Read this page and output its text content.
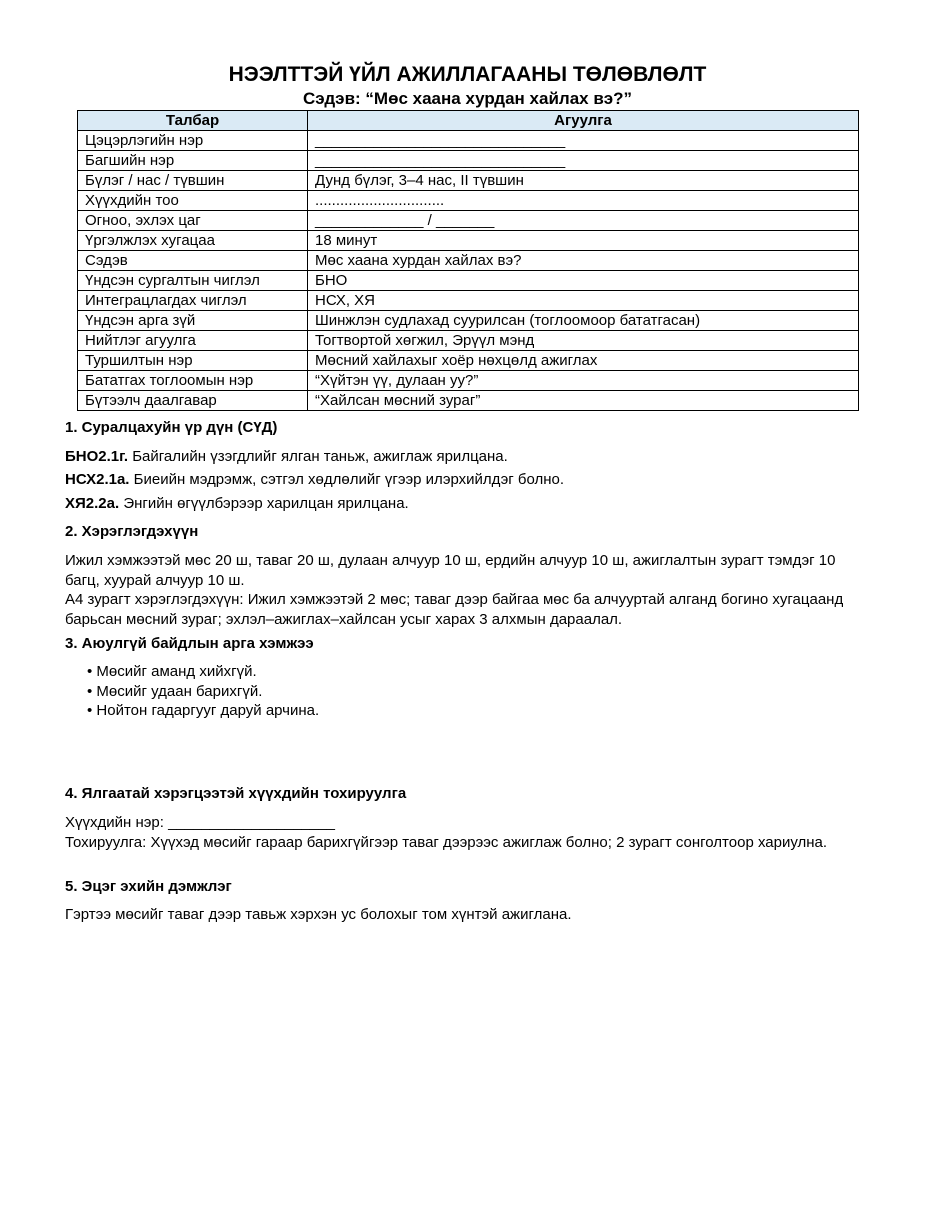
НЭЭЛТТЭЙ ҮЙЛ АЖИЛЛАГААНЫ ТӨЛӨВЛӨЛТ
Сэдэв: “Мөс хаана хурдан хайлах вэ?”
Талбар	Агуулга
Цэцэрлэгийн нэр	______________________________
Багшийн нэр	______________________________
Бүлэг / нас / түвшин	Дунд бүлэг, 3–4 нас, II түвшин
Хүүхдийн тоо	...............................
Огноо, эхлэх цаг	_____________ / _______
Үргэлжлэх хугацаа	18 минут
Сэдэв	Мөс хаана хурдан хайлах вэ?
Үндсэн сургалтын чиглэл	БНО
Интеграцлагдах чиглэл	НСХ, ХЯ
Үндсэн арга зүй	Шинжлэн судлахад суурилсан (тоглоомоор бататгасан)
Нийтлэг агуулга	Тогтвортой хөгжил, Эрүүл мэнд
Туршилтын нэр	Мөсний хайлахыг хоёр нөхцөлд ажиглах
Бататгах тоглоомын нэр	“Хүйтэн үү, дулаан уу?”
Бүтээлч даалгавар	“Хайлсан мөсний зураг”
1. Суралцахуйн үр дүн (СҮД)
БНО2.1г. Байгалийн үзэгдлийг ялган таньж, ажиглаж ярилцана.
НСХ2.1а. Биеийн мэдрэмж, сэтгэл хөдлөлийг үгээр илэрхийлдэг болно.
ХЯ2.2а. Энгийн өгүүлбэрээр харилцан ярилцана.
2. Хэрэглэгдэхүүн

Ижил хэмжээтэй мөс 20 ш, таваг 20 ш, дулаан алчуур 10 ш, ердийн алчуур 10 ш, ажиглалтын зурагт тэмдэг 10 багц, хуурай алчуур 10 ш.

А4 зурагт хэрэглэгдэхүүн: Ижил хэмжээтэй 2 мөс; таваг дээр байгаа мөс ба алчууртай алганд богино хугацаанд барьсан мөсний зураг; эхлэл–ажиглах–хайлсан усыг харах 3 алхмын дараалал.

3. Аюулгүй байдлын арга хэмжээ
• Мөсийг аманд хийхгүй.
• Мөсийг удаан барихгүй.
• Нойтон гадаргууг даруй арчина.
4. Ялгаатай хэрэгцээтэй хүүхдийн тохируулга

Хүүхдийн нэр: ____________________

Тохируулга: Хүүхэд мөсийг гараар барихгүйгээр таваг дээрээс ажиглаж болно; 2 зурагт сонголтоор хариулна.

5. Эцэг эхийн дэмжлэг

Гэртээ мөсийг таваг дээр тавьж хэрхэн ус болохыг том хүнтэй ажиглана.
